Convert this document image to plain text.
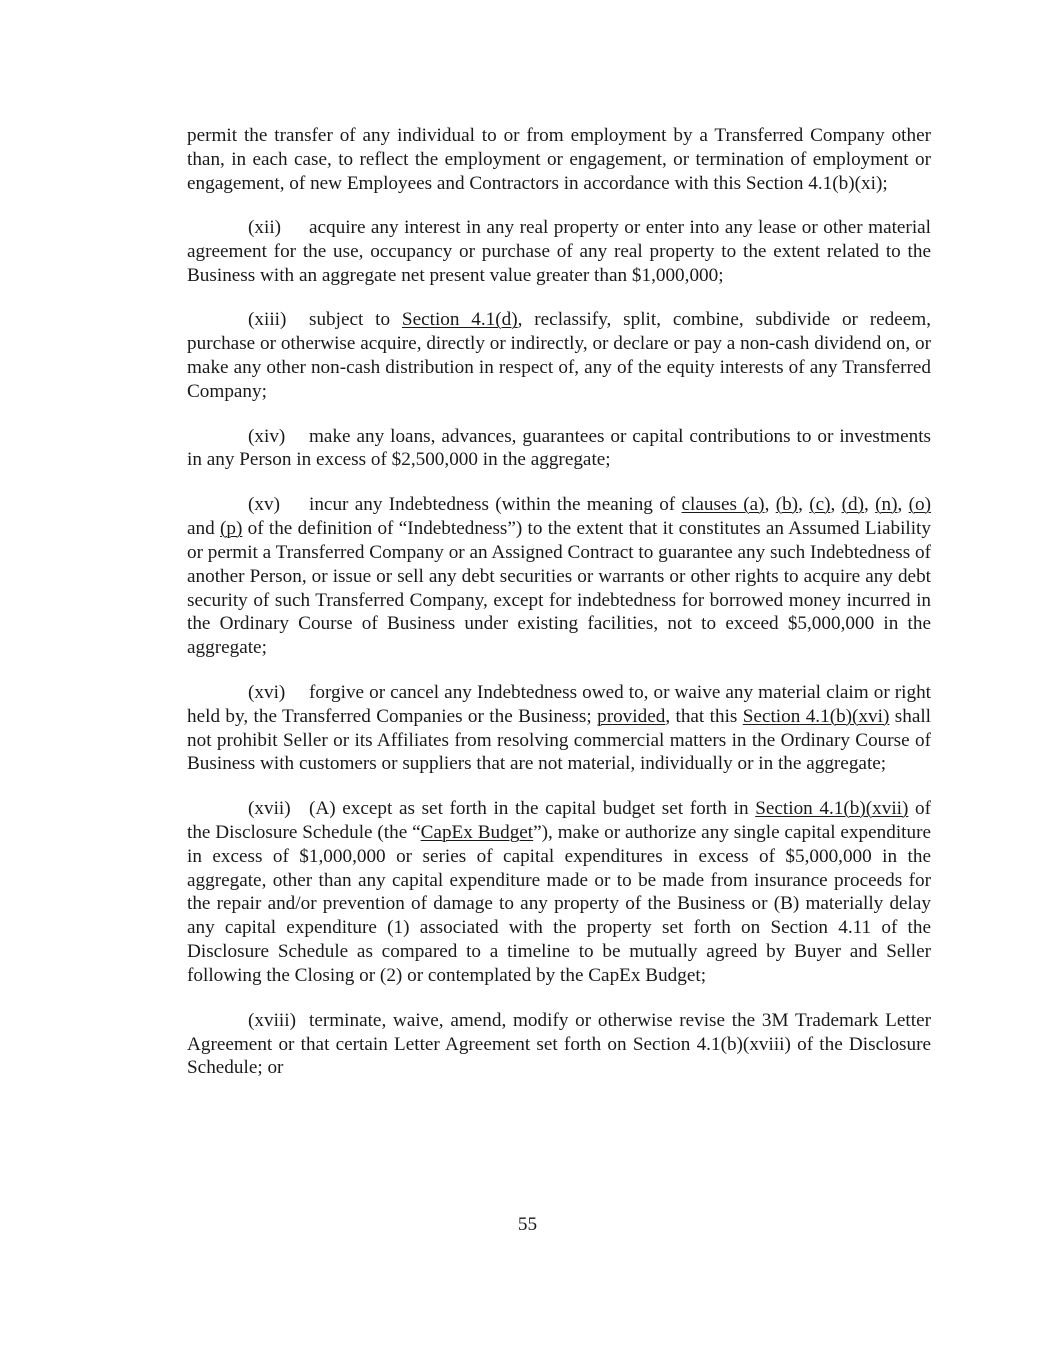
permit the transfer of any individual to or from employment by a Transferred Company other than, in each case, to reflect the employment or engagement, or termination of employment or engagement, of new Employees and Contractors in accordance with this Section 4.1(b)(xi);

(xii) acquire any interest in any real property or enter into any lease or other material agreement for the use, occupancy or purchase of any real property to the extent related to the Business with an aggregate net present value greater than $1,000,000;

(xiii) subject to Section 4.1(d), reclassify, split, combine, subdivide or redeem, purchase or otherwise acquire, directly or indirectly, or declare or pay a non-cash dividend on, or make any other non-cash distribution in respect of, any of the equity interests of any Transferred Company;

(xiv) make any loans, advances, guarantees or capital contributions to or investments in any Person in excess of $2,500,000 in the aggregate;

(xv) incur any Indebtedness (within the meaning of clauses (a), (b), (c), (d), (n), (o) and (p) of the definition of “Indebtedness”) to the extent that it constitutes an Assumed Liability or permit a Transferred Company or an Assigned Contract to guarantee any such Indebtedness of another Person, or issue or sell any debt securities or warrants or other rights to acquire any debt security of such Transferred Company, except for indebtedness for borrowed money incurred in the Ordinary Course of Business under existing facilities, not to exceed $5,000,000 in the aggregate;

(xvi) forgive or cancel any Indebtedness owed to, or waive any material claim or right held by, the Transferred Companies or the Business; provided, that this Section 4.1(b)(xvi) shall not prohibit Seller or its Affiliates from resolving commercial matters in the Ordinary Course of Business with customers or suppliers that are not material, individually or in the aggregate;

(xvii) (A) except as set forth in the capital budget set forth in Section 4.1(b)(xvii) of the Disclosure Schedule (the “CapEx Budget”), make or authorize any single capital expenditure in excess of $1,000,000 or series of capital expenditures in excess of $5,000,000 in the aggregate, other than any capital expenditure made or to be made from insurance proceeds for the repair and/or prevention of damage to any property of the Business or (B) materially delay any capital expenditure (1) associated with the property set forth on Section 4.11 of the Disclosure Schedule as compared to a timeline to be mutually agreed by Buyer and Seller following the Closing or (2) or contemplated by the CapEx Budget;

(xviii) terminate, waive, amend, modify or otherwise revise the 3M Trademark Letter Agreement or that certain Letter Agreement set forth on Section 4.1(b)(xviii) of the Disclosure Schedule; or

55
